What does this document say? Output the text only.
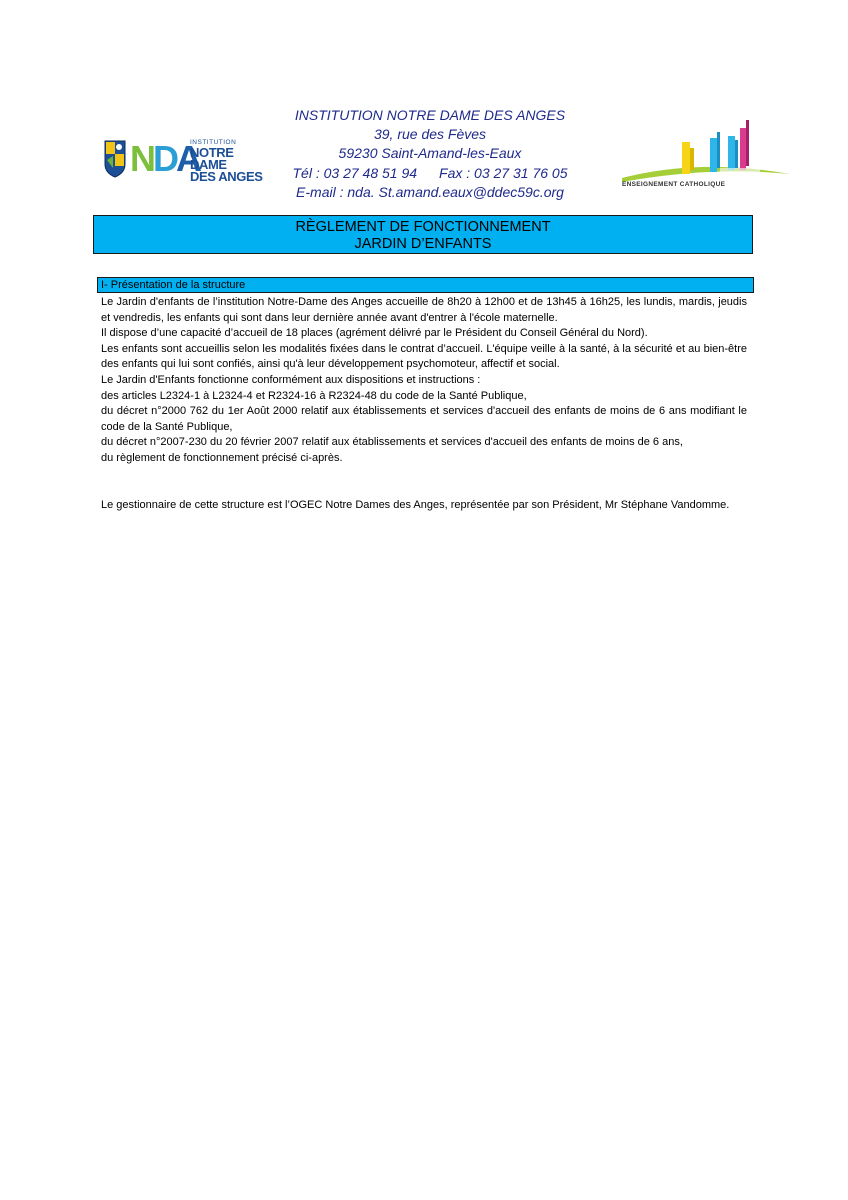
INSTITUTION NOTRE DAME DES ANGES
39, rue des Fèves
59230 Saint-Amand-les-Eaux
Tél : 03 27 48 51 94 Fax : 03 27 31 76 05
E-mail : nda. St.amand.eaux@ddec59c.org
NDA
INSTITUTION
NOTRE DAME
DES ANGES
ENSEIGNEMENT CATHOLIQUE
RÈGLEMENT DE FONCTIONNEMENT
JARDIN D’ENFANTS
I- Présentation de la structure

Le Jardin d'enfants de l’institution Notre-Dame des Anges accueille de 8h20 à 12h00 et de 13h45 à 16h25, les lundis, mardis, jeudis et vendredis, les enfants qui sont dans leur dernière année avant d'entrer à l'école maternelle.

Il dispose d’une capacité d’accueil de 18 places (agrément délivré par le Président du Conseil Général du Nord).

Les enfants sont accueillis selon les modalités fixées dans le contrat d’accueil. L'équipe veille à la santé, à la sécurité et au bien-être des enfants qui lui sont confiés, ainsi qu'à leur développement psychomoteur, affectif et social.

Le Jardin d'Enfants fonctionne conformément aux dispositions et instructions :

des articles L2324-1 à L2324-4 et R2324-16 à R2324-48 du code de la Santé Publique,

du décret n°2000 762 du 1er Août 2000 relatif aux établissements et services d'accueil des enfants de moins de 6 ans modifiant le code de la Santé Publique,

du décret n°2007-230 du 20 février 2007 relatif aux établissements et services d'accueil des enfants de moins de 6 ans,

du règlement de fonctionnement précisé ci-après.

Le gestionnaire de cette structure est l’OGEC Notre Dames des Anges, représentée par son Président, Mr Stéphane Vandomme.
